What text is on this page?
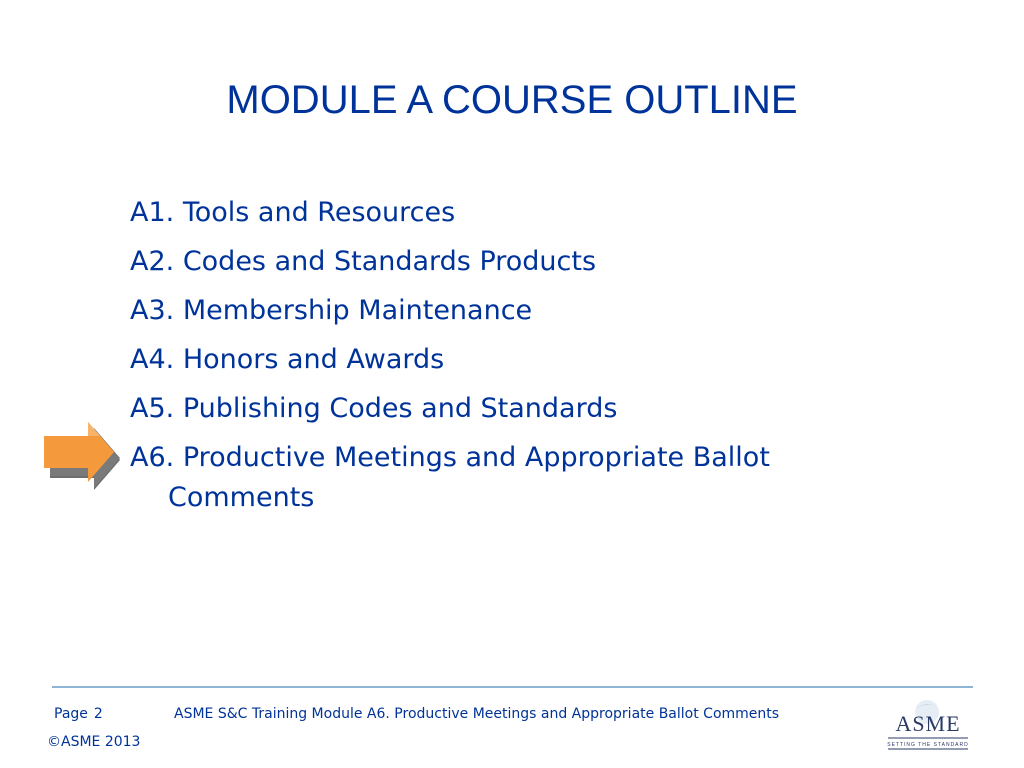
MODULE A COURSE OUTLINE
A1. Tools and Resources
A2. Codes and Standards Products
A3. Membership Maintenance
A4. Honors and Awards
A5. Publishing Codes and Standards
A6. Productive Meetings and Appropriate Ballot Comments
Page 2	ASME S&C Training Module A6. Productive Meetings and Appropriate Ballot Comments
©ASME 2013
ASME
SETTING THE STANDARD
